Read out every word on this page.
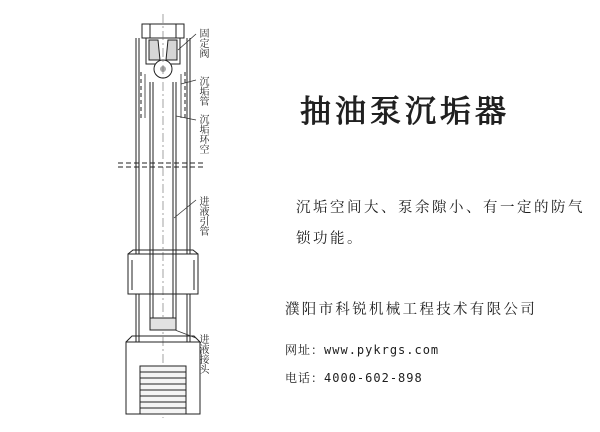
固定阀
沉垢管
沉垢环空
进液引管
进液接头
抽油泵沉垢器
沉垢空间大、泵余隙小、有一定的防气锁功能。
濮阳市科锐机械工程技术有限公司
网址：www.pykrgs.com
电话：4000-602-898
